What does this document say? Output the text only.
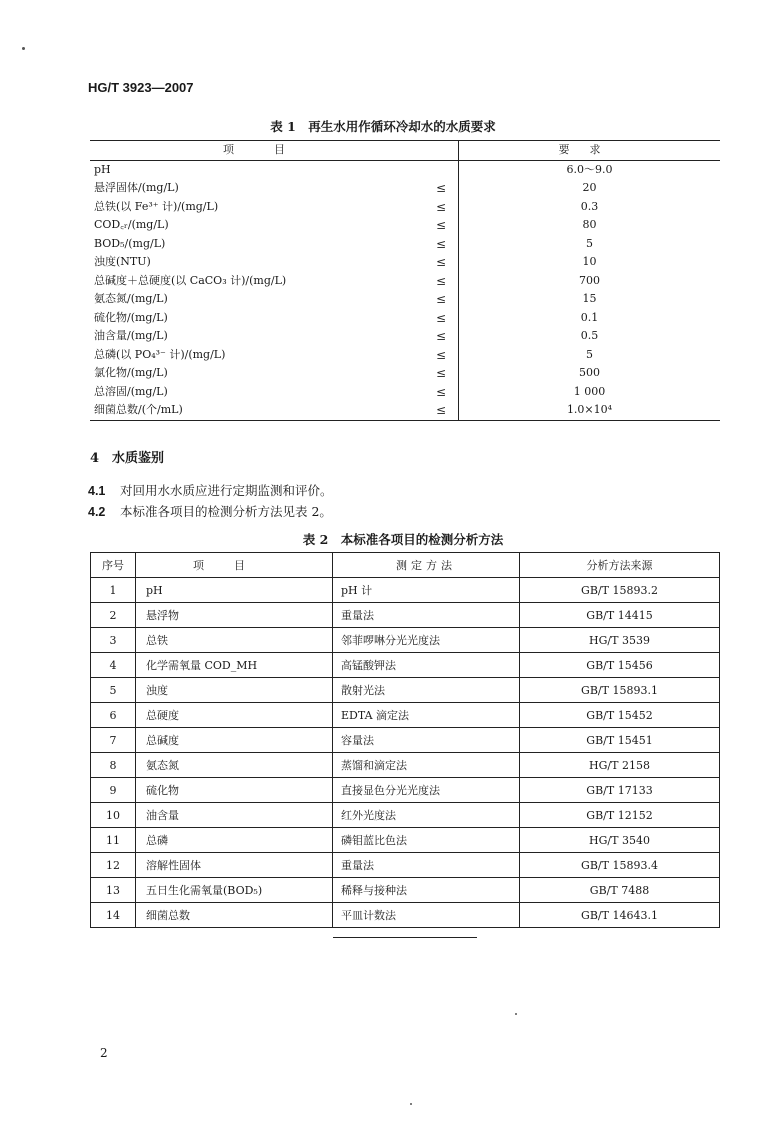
HG/T 3923—2007
表 1　再生水用作循环冷却水的水质要求
项目		要求
pH		6.0～9.0
悬浮固体/(mg/L)	≤	20
总铁(以 Fe³⁺ 计)/(mg/L)	≤	0.3
COD꜀ᵣ/(mg/L)	≤	80
BOD₅/(mg/L)	≤	5
浊度(NTU)	≤	10
总碱度＋总硬度(以 CaCO₃ 计)/(mg/L)	≤	700
氨态氮/(mg/L)	≤	15
硫化物/(mg/L)	≤	0.1
油含量/(mg/L)	≤	0.5
总磷(以 PO₄³⁻ 计)/(mg/L)	≤	5
氯化物/(mg/L)	≤	500
总溶固/(mg/L)	≤	1 000
细菌总数/(个/mL)	≤	1.0×10⁴
4 水质鉴别
4.1 对回用水水质应进行定期监测和评价。
4.2 本标准各项目的检测分析方法见表 2。
表 2　本标准各项目的检测分析方法
序号	项目	测定方法	分析方法来源
1	pH	pH 计	GB/T 15893.2
2	悬浮物	重量法	GB/T 14415
3	总铁	邻菲啰啉分光光度法	HG/T 3539
4	化学需氧量 COD_MH	高锰酸钾法	GB/T 15456
5	浊度	散射光法	GB/T 15893.1
6	总硬度	EDTA 滴定法	GB/T 15452
7	总碱度	容量法	GB/T 15451
8	氨态氮	蒸馏和滴定法	HG/T 2158
9	硫化物	直接显色分光光度法	GB/T 17133
10	油含量	红外光度法	GB/T 12152
11	总磷	磷钼蓝比色法	HG/T 3540
12	溶解性固体	重量法	GB/T 15893.4
13	五日生化需氧量(BOD₅)	稀释与接种法	GB/T 7488
14	细菌总数	平皿计数法	GB/T 14643.1
2
